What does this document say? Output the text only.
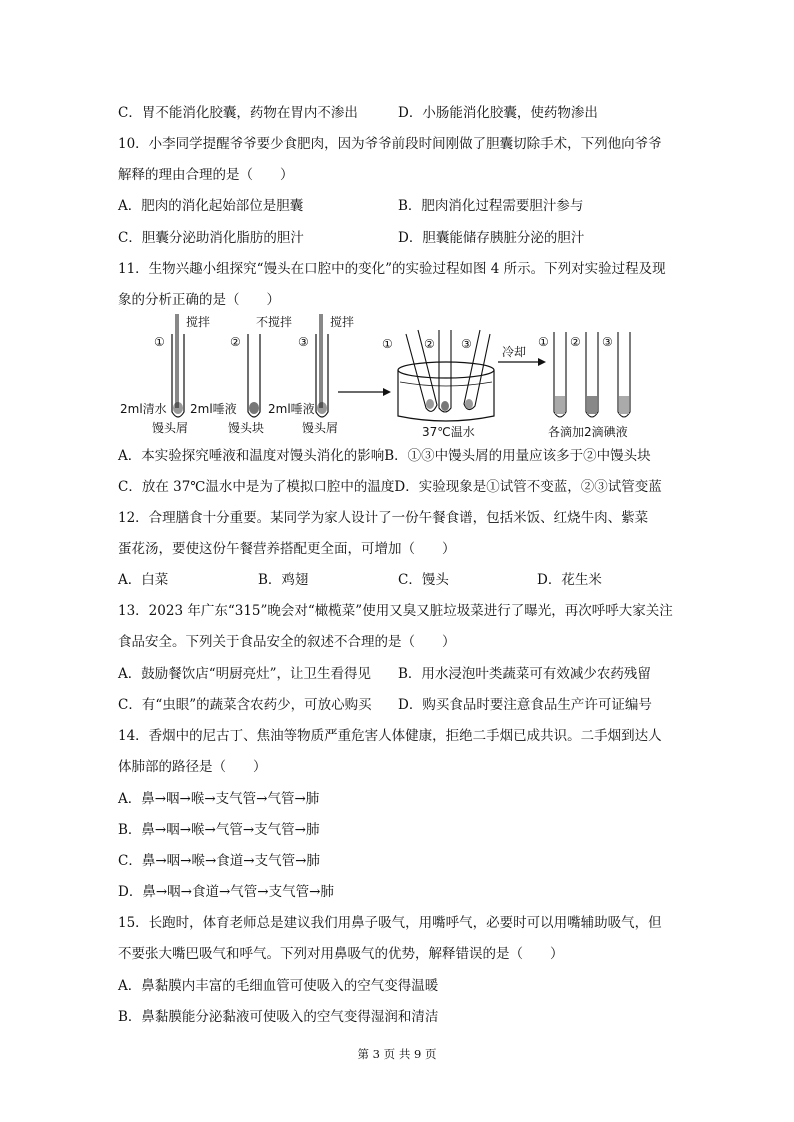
C．胃不能消化胶囊，药物在胃内不渗出	D．小肠能消化胶囊，使药物渗出
10．小李同学提醒爷爷要少食肥肉，因为爷爷前段时间刚做了胆囊切除手术，下列他向爷爷
解释的理由合理的是（　　）
A．肥肉的消化起始部位是胆囊	B．肥肉消化过程需要胆汁参与
C．胆囊分泌助消化脂肪的胆汁	D．胆囊能储存胰脏分泌的胆汁
11．生物兴趣小组探究“馒头在口腔中的变化”的实验过程如图 4 所示。下列对实验过程及现
象的分析正确的是（　　）
①
搅拌
2ml清水
馒头屑
②
不搅拌
2ml唾液
馒头块
③
搅拌
2ml唾液
馒头屑
①	② ③
37℃温水
冷却
① ② ③
各滴加2滴碘液
A．本实验探究唾液和温度对馒头消化的影响B．①③中馒头屑的用量应该多于②中馒头块
C．放在 37℃温水中是为了模拟口腔中的温度D．实验现象是①试管不变蓝，②③试管变蓝
12．合理膳食十分重要。某同学为家人设计了一份午餐食谱，包括米饭、红烧牛肉、紫菜
蛋花汤，要使这份午餐营养搭配更全面，可增加（　　）
A．白菜	B．鸡翅	C．馒头	D．花生米
13．2023 年广东“315”晚会对“橄榄菜”使用又臭又脏垃圾菜进行了曝光，再次呼呼大家关注
食品安全。下列关于食品安全的叙述不合理的是（　　）
A．鼓励餐饮店“明厨亮灶”，让卫生看得见 B．用水浸泡叶类蔬菜可有效减少农药残留
C．有“虫眼”的蔬菜含农药少，可放心购买 D．购买食品时要注意食品生产许可证编号
14．香烟中的尼古丁、焦油等物质严重危害人体健康，拒绝二手烟已成共识。二手烟到达人
体肺部的路径是（　　）
A．鼻→咽→喉→支气管→气管→肺
B．鼻→咽→喉→气管→支气管→肺
C．鼻→咽→喉→食道→支气管→肺
D．鼻→咽→食道→气管→支气管→肺
15．长跑时，体育老师总是建议我们用鼻子吸气，用嘴呼气，必要时可以用嘴辅助吸气，但
不要张大嘴巴吸气和呼气。下列对用鼻吸气的优势，解释错误的是（　　）
A．鼻黏膜内丰富的毛细血管可使吸入的空气变得温暖
B．鼻黏膜能分泌黏液可使吸入的空气变得湿润和清洁
第 3 页 共 9 页
